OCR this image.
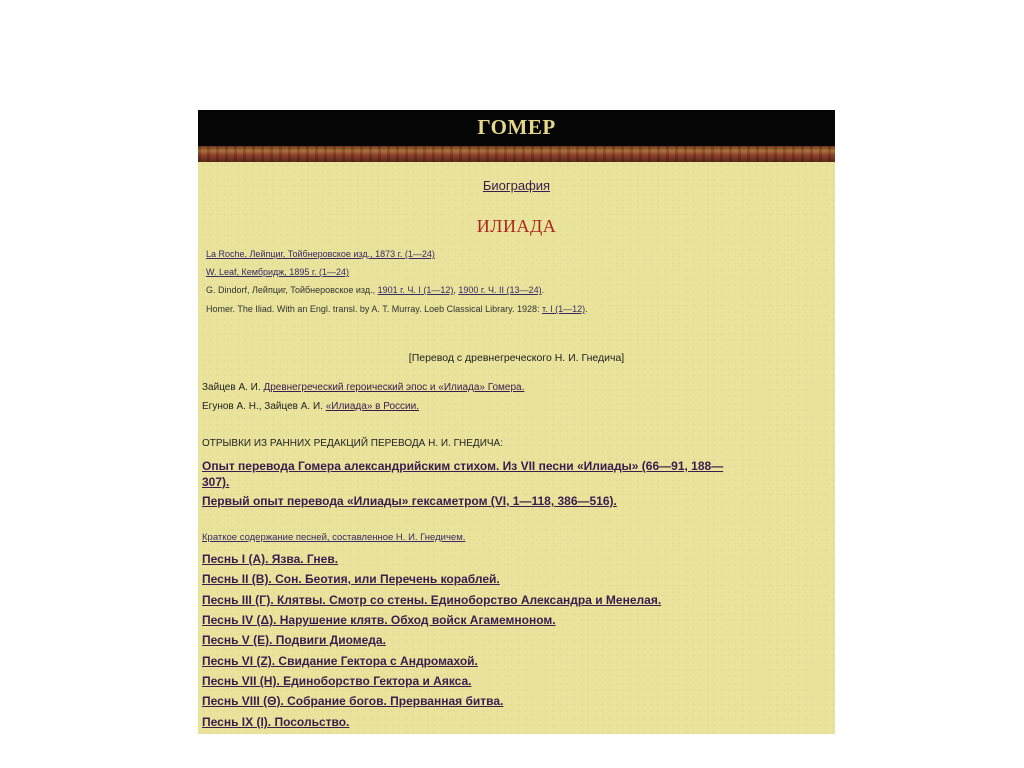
ГОМЕР
Биография
ИЛИАДА
La Roche, Лейпциг, Тойбнеровское изд., 1873 г. (1—24)
W. Leaf, Кембридж, 1895 г. (1—24)
G. Dindorf, Лейпциг, Тойбнеровское изд., 1901 г. Ч. I (1—12), 1900 г. Ч. II (13—24).
Homer. The Iliad. With an Engl. transl. by A. T. Murray. Loeb Classical Library. 1928: т. I (1—12).
[Перевод с древнегреческого Н. И. Гнедича]
Зайцев А. И. Древнегреческий героический эпос и «Илиада» Гомера.
Егунов А. Н., Зайцев А. И. «Илиада» в России.
ОТРЫВКИ ИЗ РАННИХ РЕДАКЦИЙ ПЕРЕВОДА Н. И. ГНЕДИЧА:
Опыт перевода Гомера александрийским стихом. Из VII песни «Илиады» (66—91, 188—
307).
Первый опыт перевода «Илиады» гексаметром (VI, 1—118, 386—516).
Краткое содержание песней, составленное Н. И. Гнедичем.
Песнь I (Α). Язва. Гнев.
Песнь II (Β). Сон. Беотия, или Перечень кораблей.
Песнь III (Γ). Клятвы. Смотр со стены. Единоборство Александра и Менелая.
Песнь IV (Δ). Нарушение клятв. Обход войск Агамемноном.
Песнь V (Ε). Подвиги Диомеда.
Песнь VI (Ζ). Свидание Гектора с Андромахой.
Песнь VII (Η). Единоборство Гектора и Аякса.
Песнь VIII (Θ). Собрание богов. Прерванная битва.
Песнь IX (Ι). Посольство.
